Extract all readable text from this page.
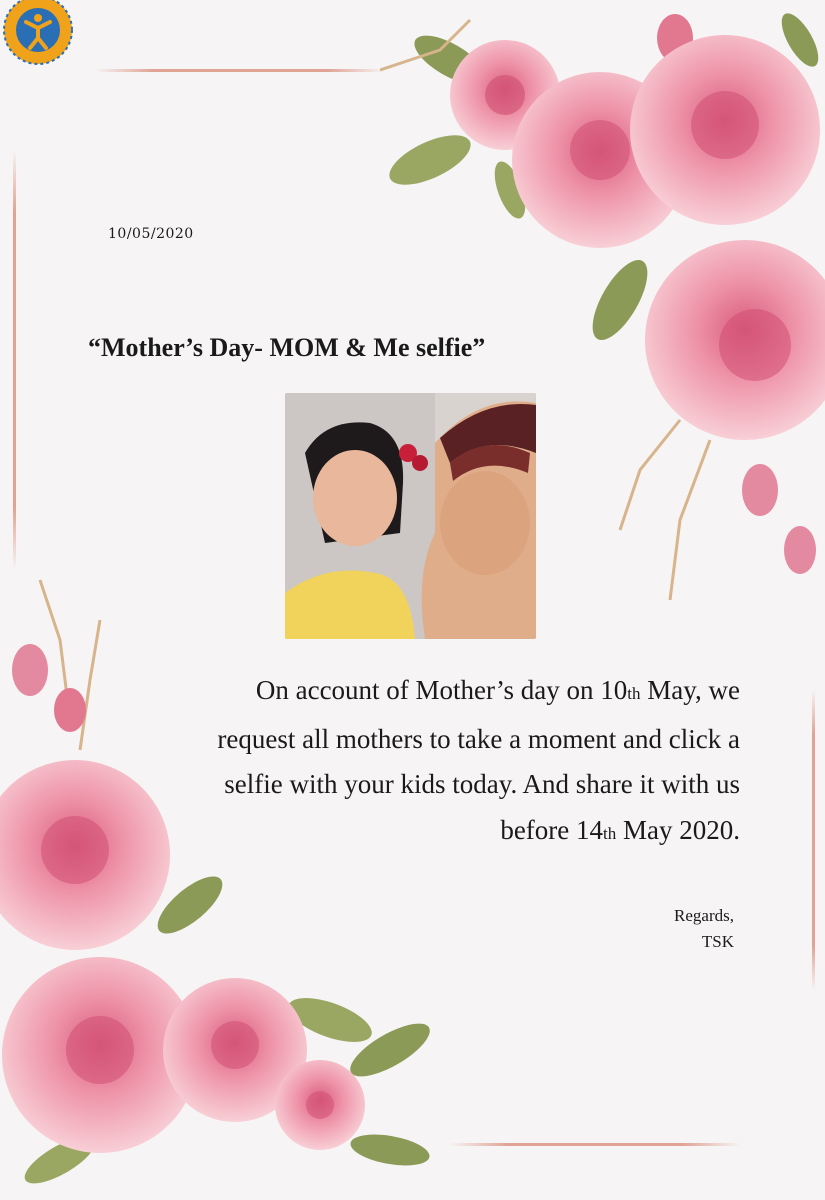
10/05/2020
“Mother’s Day- MOM & Me selfie”
On account of Mother’s day on 10th May, we
request all mothers to take a moment and click a
selfie with your kids today. And share it with us
before 14th May 2020.
Regards,
TSK
